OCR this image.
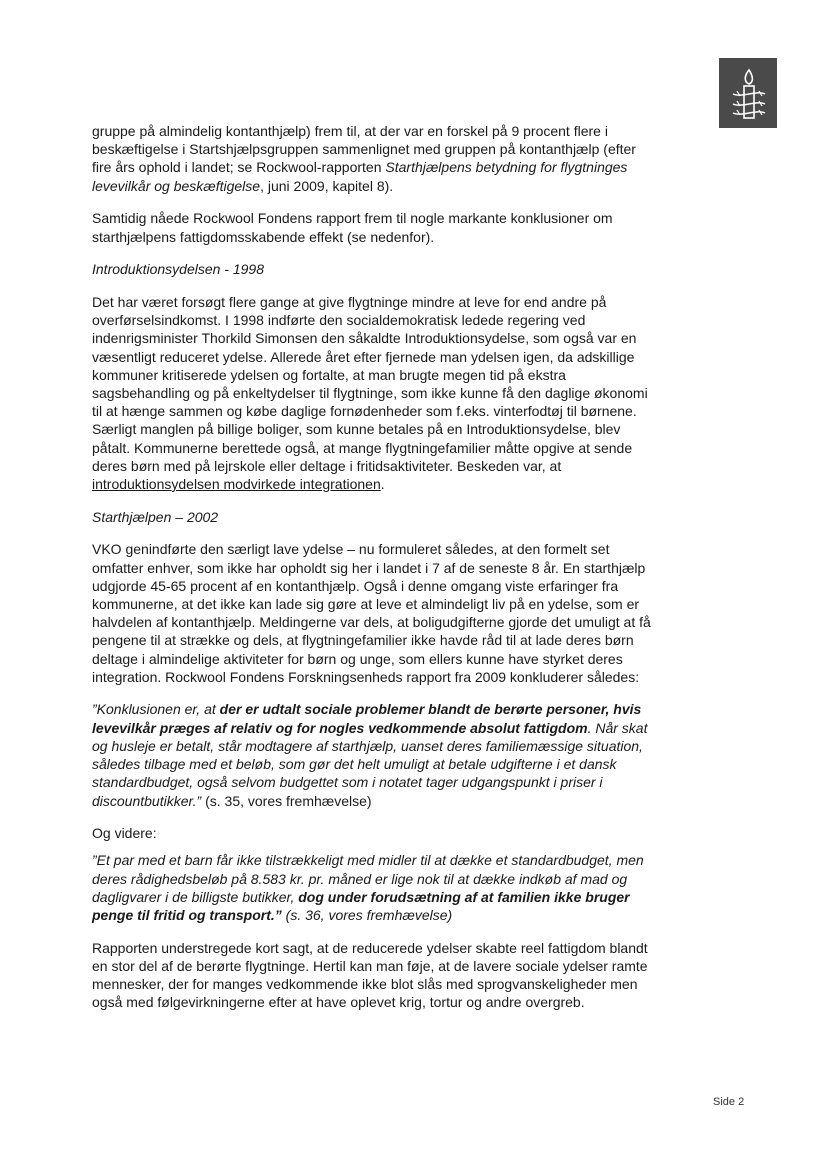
gruppe på almindelig kontanthjælp) frem til, at der var en forskel på 9 procent flere i beskæftigelse i Startshjælpsgruppen sammenlignet med gruppen på kontanthjælp (efter fire års ophold i landet; se Rockwool-rapporten Starthjælpens betydning for flygtninges levevilkår og beskæftigelse, juni 2009, kapitel 8).

Samtidig nåede Rockwool Fondens rapport frem til nogle markante konklusioner om starthjælpens fattigdomsskabende effekt (se nedenfor).

Introduktionsydelsen - 1998

Det har været forsøgt flere gange at give flygtninge mindre at leve for end andre på overførselsindkomst. I 1998 indførte den socialdemokratisk ledede regering ved indenrigsminister Thorkild Simonsen den såkaldte Introduktionsydelse, som også var en væsentligt reduceret ydelse. Allerede året efter fjernede man ydelsen igen, da adskillige kommuner kritiserede ydelsen og fortalte, at man brugte megen tid på ekstra sagsbehandling og på enkeltydelser til flygtninge, som ikke kunne få den daglige økonomi til at hænge sammen og købe daglige fornødenheder som f.eks. vinterfodtøj til børnene. Særligt manglen på billige boliger, som kunne betales på en Introduktionsydelse, blev påtalt. Kommunerne berettede også, at mange flygtningefamilier måtte opgive at sende deres børn med på lejrskole eller deltage i fritidsaktiviteter. Beskeden var, at introduktionsydelsen modvirkede integrationen.

Starthjælpen – 2002

VKO genindførte den særligt lave ydelse – nu formuleret således, at den formelt set omfatter enhver, som ikke har opholdt sig her i landet i 7 af de seneste 8 år. En starthjælp udgjorde 45-65 procent af en kontanthjælp. Også i denne omgang viste erfaringer fra kommunerne, at det ikke kan lade sig gøre at leve et almindeligt liv på en ydelse, som er halvdelen af kontanthjælp. Meldingerne var dels, at boligudgifterne gjorde det umuligt at få pengene til at strække og dels, at flygtningefamilier ikke havde råd til at lade deres børn deltage i almindelige aktiviteter for børn og unge, som ellers kunne have styrket deres integration. Rockwool Fondens Forskningsenheds rapport fra 2009 konkluderer således:

”Konklusionen er, at der er udtalt sociale problemer blandt de berørte personer, hvis levevilkår præges af relativ og for nogles vedkommende absolut fattigdom. Når skat og husleje er betalt, står modtagere af starthjælp, uanset deres familiemæssige situation, således tilbage med et beløb, som gør det helt umuligt at betale udgifterne i et dansk standardbudget, også selvom budgettet som i notatet tager udgangspunkt i priser i discountbutikker.” (s. 35, vores fremhævelse)

Og videre:

”Et par med et barn får ikke tilstrækkeligt med midler til at dække et standardbudget, men deres rådighedsbeløb på 8.583 kr. pr. måned er lige nok til at dække indkøb af mad og dagligvarer i de billigste butikker, dog under forudsætning af at familien ikke bruger penge til fritid og transport.” (s. 36, vores fremhævelse)

Rapporten understregede kort sagt, at de reducerede ydelser skabte reel fattigdom blandt en stor del af de berørte flygtninge. Hertil kan man føje, at de lavere sociale ydelser ramte mennesker, der for manges vedkommende ikke blot slås med sprogvanskeligheder men også med følgevirkningerne efter at have oplevet krig, tortur og andre overgreb.

Side 2
